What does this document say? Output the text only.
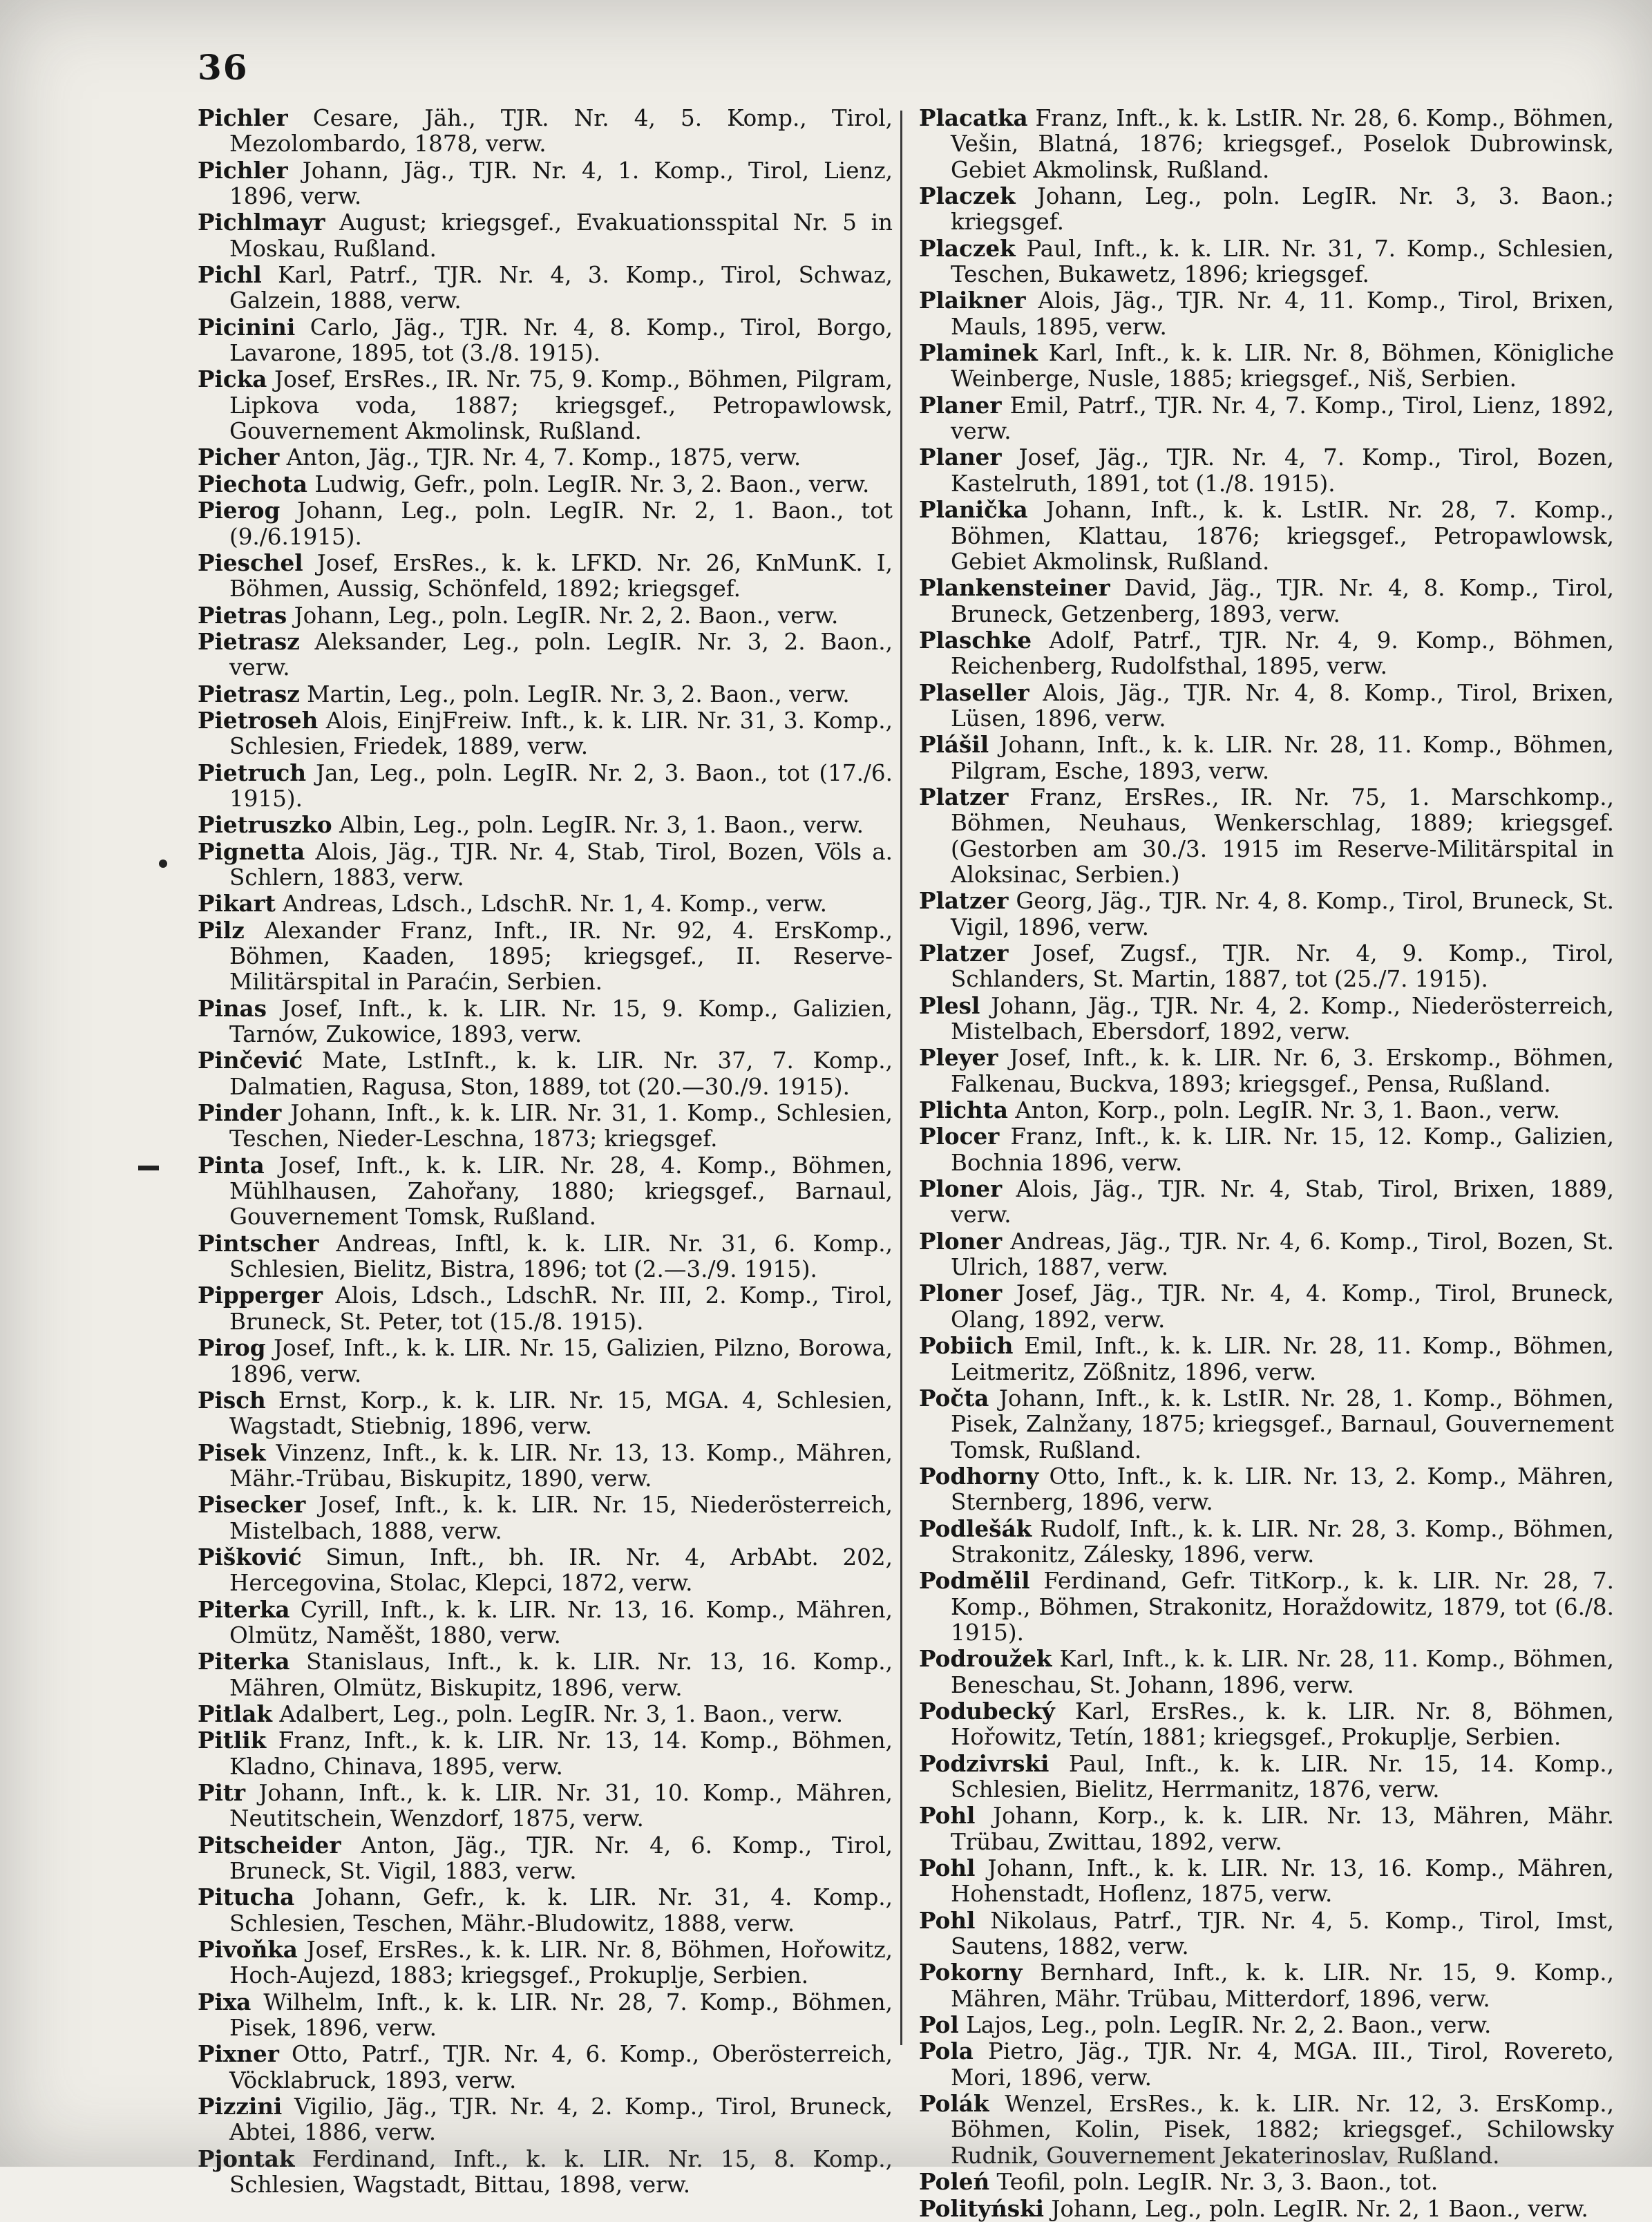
36
Pichler Cesare, Jäh., TJR. Nr. 4, 5. Komp., Tirol, Mezolombardo, 1878, verw.
Pichler Johann, Jäg., TJR. Nr. 4, 1. Komp., Tirol, Lienz, 1896, verw.
Pichlmayr August; kriegsgef., Evakuationsspital Nr. 5 in Moskau, Rußland.
Pichl Karl, Patrf., TJR. Nr. 4, 3. Komp., Tirol, Schwaz, Galzein, 1888, verw.
Picinini Carlo, Jäg., TJR. Nr. 4, 8. Komp., Tirol, Borgo, Lavarone, 1895, tot (3./8. 1915).
Picka Josef, ErsRes., IR. Nr. 75, 9. Komp., Böhmen, Pilgram, Lipkova voda, 1887; kriegsgef., Petropawlowsk, Gouvernement Akmolinsk, Rußland.
Picher Anton, Jäg., TJR. Nr. 4, 7. Komp., 1875, verw.
Piechota Ludwig, Gefr., poln. LegIR. Nr. 3, 2. Baon., verw.
Pierog Johann, Leg., poln. LegIR. Nr. 2, 1. Baon., tot (9./6.1915).
Pieschel Josef, ErsRes., k. k. LFKD. Nr. 26, KnMunK. I, Böhmen, Aussig, Schönfeld, 1892; kriegsgef.
Pietras Johann, Leg., poln. LegIR. Nr. 2, 2. Baon., verw.
Pietrasz Aleksander, Leg., poln. LegIR. Nr. 3, 2. Baon., verw.
Pietrasz Martin, Leg., poln. LegIR. Nr. 3, 2. Baon., verw.
Pietroseh Alois, EinjFreiw. Inft., k. k. LIR. Nr. 31, 3. Komp., Schlesien, Friedek, 1889, verw.
Pietruch Jan, Leg., poln. LegIR. Nr. 2, 3. Baon., tot (17./6. 1915).
Pietruszko Albin, Leg., poln. LegIR. Nr. 3, 1. Baon., verw.
Pignetta Alois, Jäg., TJR. Nr. 4, Stab, Tirol, Bozen, Völs a. Schlern, 1883, verw.
Pikart Andreas, Ldsch., LdschR. Nr. 1, 4. Komp., verw.
Pilz Alexander Franz, Inft., IR. Nr. 92, 4. ErsKomp., Böhmen, Kaaden, 1895; kriegsgef., II. Reserve-Militärspital in Paraćin, Serbien.
Pinas Josef, Inft., k. k. LIR. Nr. 15, 9. Komp., Galizien, Tarnów, Zukowice, 1893, verw.
Pinčević Mate, LstInft., k. k. LIR. Nr. 37, 7. Komp., Dalmatien, Ragusa, Ston, 1889, tot (20.—30./9. 1915).
Pinder Johann, Inft., k. k. LIR. Nr. 31, 1. Komp., Schlesien, Teschen, Nieder-Leschna, 1873; kriegsgef.
Pinta Josef, Inft., k. k. LIR. Nr. 28, 4. Komp., Böhmen, Mühlhausen, Zahořany, 1880; kriegsgef., Barnaul, Gouvernement Tomsk, Rußland.
Pintscher Andreas, Inftl, k. k. LIR. Nr. 31, 6. Komp., Schlesien, Bielitz, Bistra, 1896; tot (2.—3./9. 1915).
Pipperger Alois, Ldsch., LdschR. Nr. III, 2. Komp., Tirol, Bruneck, St. Peter, tot (15./8. 1915).
Pirog Josef, Inft., k. k. LIR. Nr. 15, Galizien, Pilzno, Borowa, 1896, verw.
Pisch Ernst, Korp., k. k. LIR. Nr. 15, MGA. 4, Schlesien, Wagstadt, Stiebnig, 1896, verw.
Pisek Vinzenz, Inft., k. k. LIR. Nr. 13, 13. Komp., Mähren, Mähr.-Trübau, Biskupitz, 1890, verw.
Pisecker Josef, Inft., k. k. LIR. Nr. 15, Niederösterreich, Mistelbach, 1888, verw.
Pišković Simun, Inft., bh. IR. Nr. 4, ArbAbt. 202, Hercegovina, Stolac, Klepci, 1872, verw.
Piterka Cyrill, Inft., k. k. LIR. Nr. 13, 16. Komp., Mähren, Olmütz, Naměšt, 1880, verw.
Piterka Stanislaus, Inft., k. k. LIR. Nr. 13, 16. Komp., Mähren, Olmütz, Biskupitz, 1896, verw.
Pitlak Adalbert, Leg., poln. LegIR. Nr. 3, 1. Baon., verw.
Pitlik Franz, Inft., k. k. LIR. Nr. 13, 14. Komp., Böhmen, Kladno, Chinava, 1895, verw.
Pitr Johann, Inft., k. k. LIR. Nr. 31, 10. Komp., Mähren, Neutitschein, Wenzdorf, 1875, verw.
Pitscheider Anton, Jäg., TJR. Nr. 4, 6. Komp., Tirol, Bruneck, St. Vigil, 1883, verw.
Pitucha Johann, Gefr., k. k. LIR. Nr. 31, 4. Komp., Schlesien, Teschen, Mähr.-Bludowitz, 1888, verw.
Pivoňka Josef, ErsRes., k. k. LIR. Nr. 8, Böhmen, Hořowitz, Hoch-Aujezd, 1883; kriegsgef., Prokuplje, Serbien.
Pixa Wilhelm, Inft., k. k. LIR. Nr. 28, 7. Komp., Böhmen, Pisek, 1896, verw.
Pixner Otto, Patrf., TJR. Nr. 4, 6. Komp., Oberösterreich, Vöcklabruck, 1893, verw.
Pizzini Vigilio, Jäg., TJR. Nr. 4, 2. Komp., Tirol, Bruneck, Abtei, 1886, verw.
Pjontak Ferdinand, Inft., k. k. LIR. Nr. 15, 8. Komp., Schlesien, Wagstadt, Bittau, 1898, verw.
Placatka Franz, Inft., k. k. LstIR. Nr. 28, 6. Komp., Böhmen, Vešin, Blatná, 1876; kriegsgef., Poselok Dubrowinsk, Gebiet Akmolinsk, Rußland.
Placzek Johann, Leg., poln. LegIR. Nr. 3, 3. Baon.; kriegsgef.
Placzek Paul, Inft., k. k. LIR. Nr. 31, 7. Komp., Schlesien, Teschen, Bukawetz, 1896; kriegsgef.
Plaikner Alois, Jäg., TJR. Nr. 4, 11. Komp., Tirol, Brixen, Mauls, 1895, verw.
Plaminek Karl, Inft., k. k. LIR. Nr. 8, Böhmen, Königliche Weinberge, Nusle, 1885; kriegsgef., Niš, Serbien.
Planer Emil, Patrf., TJR. Nr. 4, 7. Komp., Tirol, Lienz, 1892, verw.
Planer Josef, Jäg., TJR. Nr. 4, 7. Komp., Tirol, Bozen, Kastelruth, 1891, tot (1./8. 1915).
Planička Johann, Inft., k. k. LstIR. Nr. 28, 7. Komp., Böhmen, Klattau, 1876; kriegsgef., Petropawlowsk, Gebiet Akmolinsk, Rußland.
Plankensteiner David, Jäg., TJR. Nr. 4, 8. Komp., Tirol, Bruneck, Getzenberg, 1893, verw.
Plaschke Adolf, Patrf., TJR. Nr. 4, 9. Komp., Böhmen, Reichenberg, Rudolfsthal, 1895, verw.
Plaseller Alois, Jäg., TJR. Nr. 4, 8. Komp., Tirol, Brixen, Lüsen, 1896, verw.
Plášil Johann, Inft., k. k. LIR. Nr. 28, 11. Komp., Böhmen, Pilgram, Esche, 1893, verw.
Platzer Franz, ErsRes., IR. Nr. 75, 1. Marschkomp., Böhmen, Neuhaus, Wenkerschlag, 1889; kriegsgef. (Gestorben am 30./3. 1915 im Reserve-Militärspital in Aloksinac, Serbien.)
Platzer Georg, Jäg., TJR. Nr. 4, 8. Komp., Tirol, Bruneck, St. Vigil, 1896, verw.
Platzer Josef, Zugsf., TJR. Nr. 4, 9. Komp., Tirol, Schlanders, St. Martin, 1887, tot (25./7. 1915).
Plesl Johann, Jäg., TJR. Nr. 4, 2. Komp., Niederösterreich, Mistelbach, Ebersdorf, 1892, verw.
Pleyer Josef, Inft., k. k. LIR. Nr. 6, 3. Erskomp., Böhmen, Falkenau, Buckva, 1893; kriegsgef., Pensa, Rußland.
Plichta Anton, Korp., poln. LegIR. Nr. 3, 1. Baon., verw.
Plocer Franz, Inft., k. k. LIR. Nr. 15, 12. Komp., Galizien, Bochnia 1896, verw.
Ploner Alois, Jäg., TJR. Nr. 4, Stab, Tirol, Brixen, 1889, verw.
Ploner Andreas, Jäg., TJR. Nr. 4, 6. Komp., Tirol, Bozen, St. Ulrich, 1887, verw.
Ploner Josef, Jäg., TJR. Nr. 4, 4. Komp., Tirol, Bruneck, Olang, 1892, verw.
Pobiich Emil, Inft., k. k. LIR. Nr. 28, 11. Komp., Böhmen, Leitmeritz, Zößnitz, 1896, verw.
Počta Johann, Inft., k. k. LstIR. Nr. 28, 1. Komp., Böhmen, Pisek, Zalnžany, 1875; kriegsgef., Barnaul, Gouvernement Tomsk, Rußland.
Podhorny Otto, Inft., k. k. LIR. Nr. 13, 2. Komp., Mähren, Sternberg, 1896, verw.
Podlešák Rudolf, Inft., k. k. LIR. Nr. 28, 3. Komp., Böhmen, Strakonitz, Zálesky, 1896, verw.
Podmělil Ferdinand, Gefr. TitKorp., k. k. LIR. Nr. 28, 7. Komp., Böhmen, Strakonitz, Horaždowitz, 1879, tot (6./8. 1915).
Podroužek Karl, Inft., k. k. LIR. Nr. 28, 11. Komp., Böhmen, Beneschau, St. Johann, 1896, verw.
Podubecký Karl, ErsRes., k. k. LIR. Nr. 8, Böhmen, Hořowitz, Tetín, 1881; kriegsgef., Prokuplje, Serbien.
Podzivrski Paul, Inft., k. k. LIR. Nr. 15, 14. Komp., Schlesien, Bielitz, Herrmanitz, 1876, verw.
Pohl Johann, Korp., k. k. LIR. Nr. 13, Mähren, Mähr. Trübau, Zwittau, 1892, verw.
Pohl Johann, Inft., k. k. LIR. Nr. 13, 16. Komp., Mähren, Hohenstadt, Hoflenz, 1875, verw.
Pohl Nikolaus, Patrf., TJR. Nr. 4, 5. Komp., Tirol, Imst, Sautens, 1882, verw.
Pokorny Bernhard, Inft., k. k. LIR. Nr. 15, 9. Komp., Mähren, Mähr. Trübau, Mitterdorf, 1896, verw.
Pol Lajos, Leg., poln. LegIR. Nr. 2, 2. Baon., verw.
Pola Pietro, Jäg., TJR. Nr. 4, MGA. III., Tirol, Rovereto, Mori, 1896, verw.
Polák Wenzel, ErsRes., k. k. LIR. Nr. 12, 3. ErsKomp., Böhmen, Kolin, Pisek, 1882; kriegsgef., Schilowsky Rudnik, Gouvernement Jekaterinoslav, Rußland.
Poleń Teofil, poln. LegIR. Nr. 3, 3. Baon., tot.
Polityński Johann, Leg., poln. LegIR. Nr. 2, 1 Baon., verw.
